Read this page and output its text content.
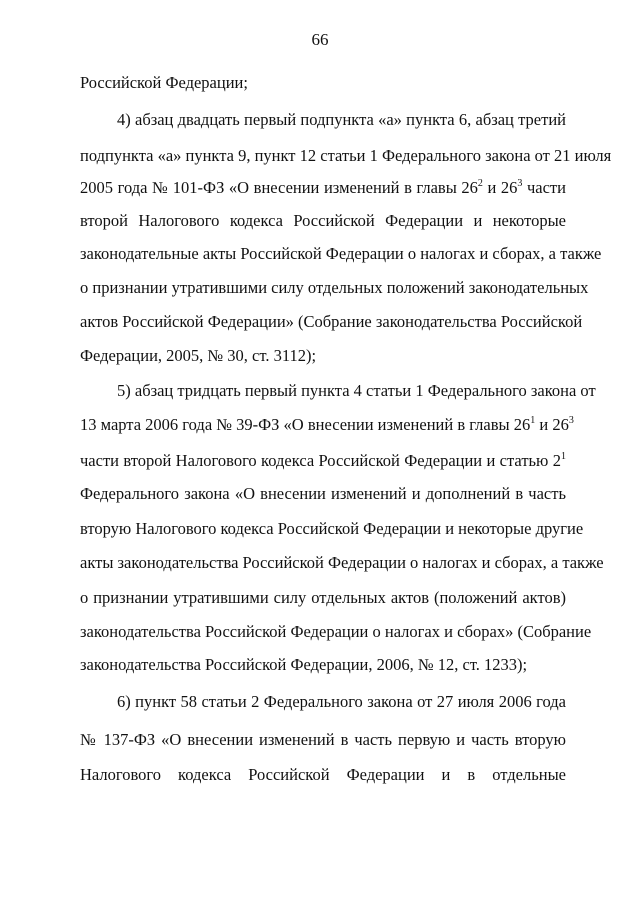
66
Российской Федерации;
4) абзац двадцать первый подпункта «а» пункта 6, абзац третий
подпункта «а» пункта 9, пункт 12 статьи 1 Федерального закона от 21 июля
2005 года № 101-ФЗ «О внесении изменений в главы $26^2$ и $26^3$ части
второй Налогового кодекса Российской Федерации и некоторые
законодательные акты Российской Федерации о налогах и сборах, а также
о признании утратившими силу отдельных положений законодательных
актов Российской Федерации» (Собрание законодательства Российской
Федерации, 2005, № 30, ст. 3112);
5) абзац тридцать первый пункта 4 статьи 1 Федерального закона от
13 марта 2006 года № 39-ФЗ «О внесении изменений в главы $26^1$ и $26^3$
части второй Налогового кодекса Российской Федерации и статью $2^1$
Федерального закона «О внесении изменений и дополнений в часть
вторую Налогового кодекса Российской Федерации и некоторые другие
акты законодательства Российской Федерации о налогах и сборах, а также
о признании утратившими силу отдельных актов (положений актов)
законодательства Российской Федерации о налогах и сборах» (Собрание
законодательства Российской Федерации, 2006, № 12, ст. 1233);
6) пункт 58 статьи 2 Федерального закона от 27 июля 2006 года
№ 137-ФЗ «О внесении изменений в часть первую и часть вторую
Налогового кодекса Российской Федерации и в отдельные
